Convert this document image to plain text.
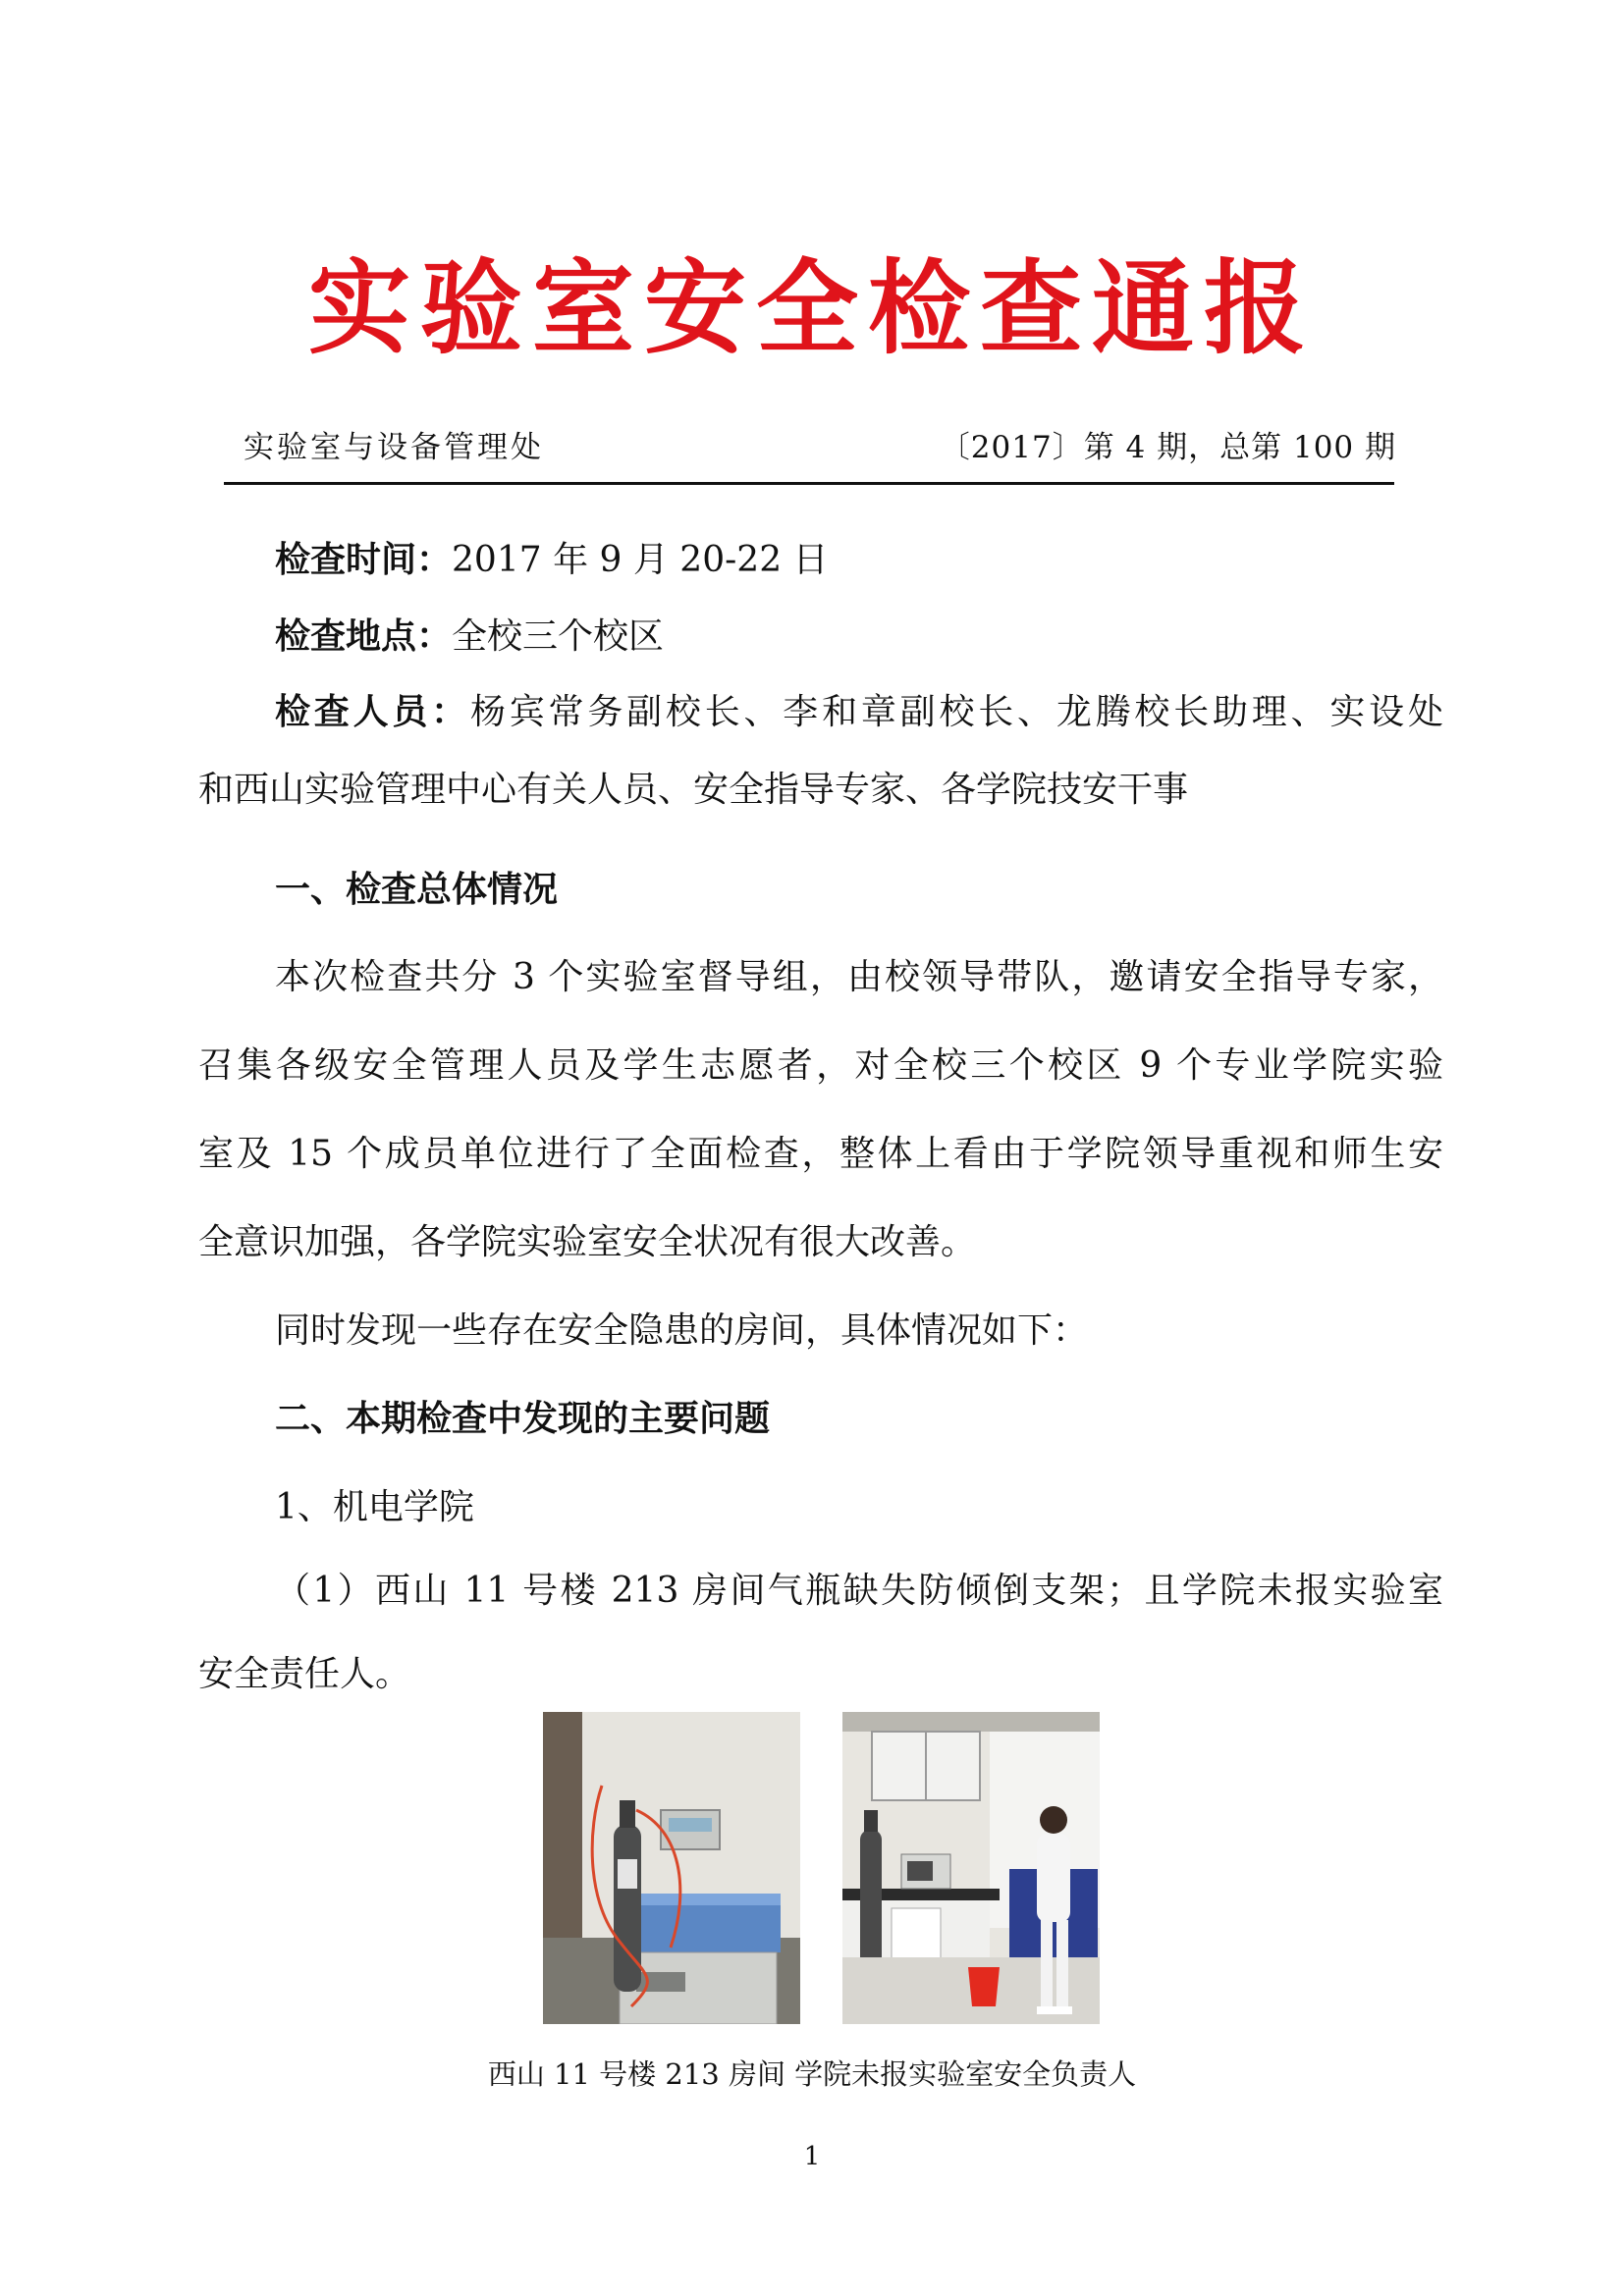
实验室安全检查通报
实验室与设备管理处	〔2017〕第 4 期，总第 100 期
检查时间：2017 年 9 月 20-22 日
检查地点：全校三个校区
检查人员：杨宾常务副校长、李和章副校长、龙腾校长助理、实设处
和西山实验管理中心有关人员、安全指导专家、各学院技安干事
一、检查总体情况
本次检查共分 3 个实验室督导组，由校领导带队，邀请安全指导专家，
召集各级安全管理人员及学生志愿者，对全校三个校区 9 个专业学院实验
室及 15 个成员单位进行了全面检查，整体上看由于学院领导重视和师生安
全意识加强，各学院实验室安全状况有很大改善。
同时发现一些存在安全隐患的房间，具体情况如下：
二、本期检查中发现的主要问题
1、机电学院
（1）西山 11 号楼 213 房间气瓶缺失防倾倒支架；且学院未报实验室
安全责任人。
西山 11 号楼 213 房间 学院未报实验室安全负责人
1
